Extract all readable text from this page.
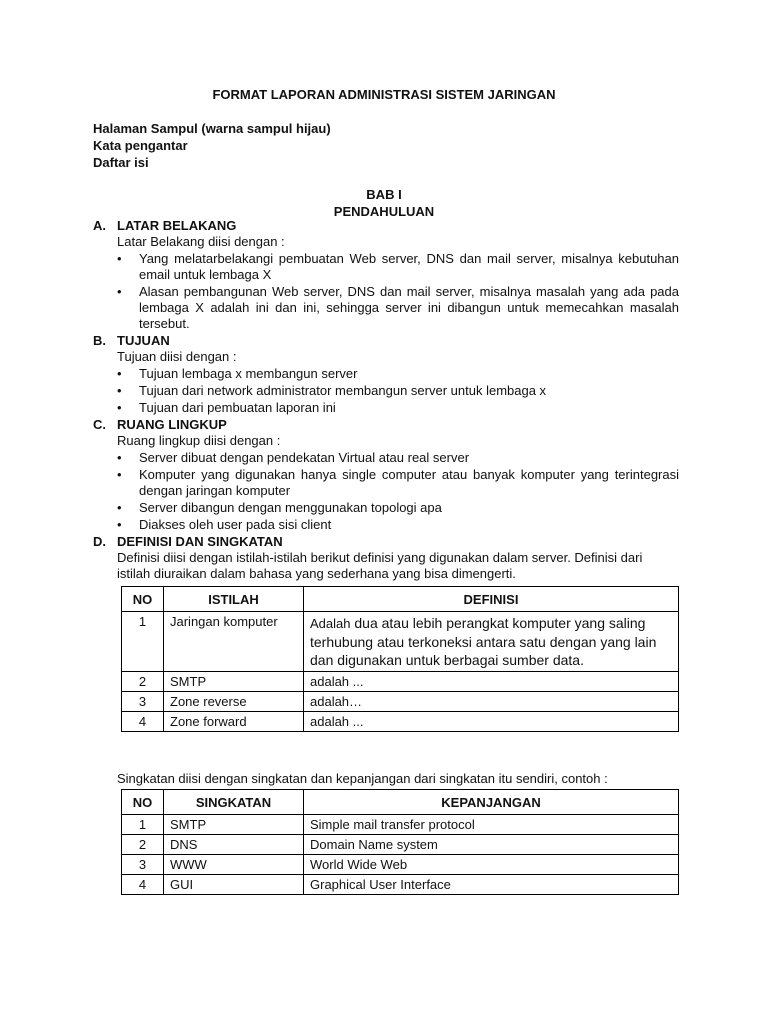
FORMAT LAPORAN ADMINISTRASI SISTEM JARINGAN
Halaman Sampul (warna sampul hijau)
Kata pengantar
Daftar isi
BAB I
PENDAHULUAN
A. LATAR BELAKANG
Latar Belakang diisi dengan :
• Yang melatarbelakangi pembuatan Web server, DNS dan mail server, misalnya kebutuhan email untuk lembaga X
• Alasan pembangunan Web server, DNS dan mail server, misalnya masalah yang ada pada lembaga X adalah ini dan ini, sehingga server ini dibangun untuk memecahkan masalah tersebut.
B. TUJUAN
Tujuan diisi dengan :
• Tujuan lembaga x membangun server
• Tujuan dari network administrator membangun server untuk lembaga x
• Tujuan dari pembuatan laporan ini
C. RUANG LINGKUP
Ruang lingkup diisi dengan :
• Server dibuat dengan pendekatan Virtual atau real server
• Komputer yang digunakan hanya single computer atau banyak komputer yang terintegrasi dengan jaringan komputer
• Server dibangun dengan menggunakan topologi apa
• Diakses oleh user pada sisi client
D. DEFINISI DAN SINGKATAN
Definisi diisi dengan istilah-istilah berikut definisi yang digunakan dalam server. Definisi dari istilah diuraikan dalam bahasa yang sederhana yang bisa dimengerti.
NO	ISTILAH	DEFINISI
1	Jaringan komputer	Adalah dua atau lebih perangkat komputer yang saling terhubung atau terkoneksi antara satu dengan yang lain dan digunakan untuk berbagai sumber data.
2	SMTP	adalah ...
3	Zone reverse	adalah…
4	Zone forward	adalah ...
Singkatan diisi dengan singkatan dan kepanjangan dari singkatan itu sendiri, contoh :
NO	SINGKATAN	KEPANJANGAN
1	SMTP	Simple mail transfer protocol
2	DNS	Domain Name system
3	WWW	World Wide Web
4	GUI	Graphical User Interface
